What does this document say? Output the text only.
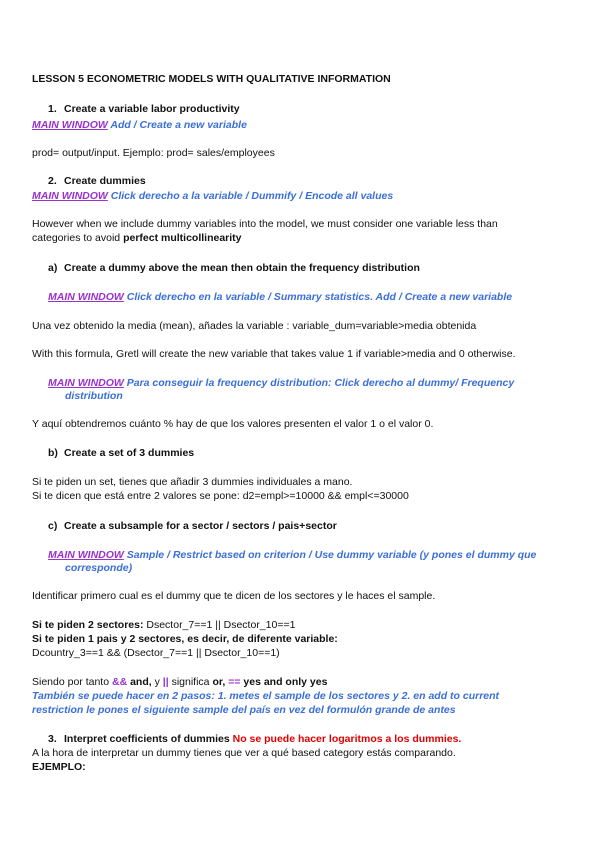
LESSON 5 ECONOMETRIC MODELS WITH QUALITATIVE INFORMATION
1. Create a variable labor productivity
MAIN WINDOW Add / Create a new variable
prod= output/input. Ejemplo: prod= sales/employees
2. Create dummies
MAIN WINDOW Click derecho a la variable / Dummify / Encode all values
However when we include dummy variables into the model, we must consider one variable less than
categories to avoid perfect multicollinearity
a) Create a dummy above the mean then obtain the frequency distribution
MAIN WINDOW Click derecho en la variable / Summary statistics. Add / Create a new variable
Una vez obtenido la media (mean), añades la variable : variable_dum=variable>media obtenida
With this formula, Gretl will create the new variable that takes value 1 if variable>media and 0 otherwise.
MAIN WINDOW Para conseguir la frequency distribution: Click derecho al dummy/ Frequency
distribution
Y aquí obtendremos cuánto % hay de que los valores presenten el valor 1 o el valor 0.
b) Create a set of 3 dummies
Si te piden un set, tienes que añadir 3 dummies individuales a mano.
Si te dicen que está entre 2 valores se pone: d2=empl>=10000 && empl<=30000
c) Create a subsample for a sector / sectors / pais+sector
MAIN WINDOW Sample / Restrict based on criterion / Use dummy variable (y pones el dummy que
corresponde)
Identificar primero cual es el dummy que te dicen de los sectores y le haces el sample.
Si te piden 2 sectores: Dsector_7==1 || Dsector_10==1
Si te piden 1 pais y 2 sectores, es decir, de diferente variable:
Dcountry_3==1 && (Dsector_7==1 || Dsector_10==1)
Siendo por tanto && and, y || significa or, == yes and only yes
También se puede hacer en 2 pasos: 1. metes el sample de los sectores y 2. en add to current
restriction le pones el siguiente sample del país en vez del formulón grande de antes
3. Interpret coefficients of dummies No se puede hacer logaritmos a los dummies.
A la hora de interpretar un dummy tienes que ver a qué based category estás comparando.
EJEMPLO:
